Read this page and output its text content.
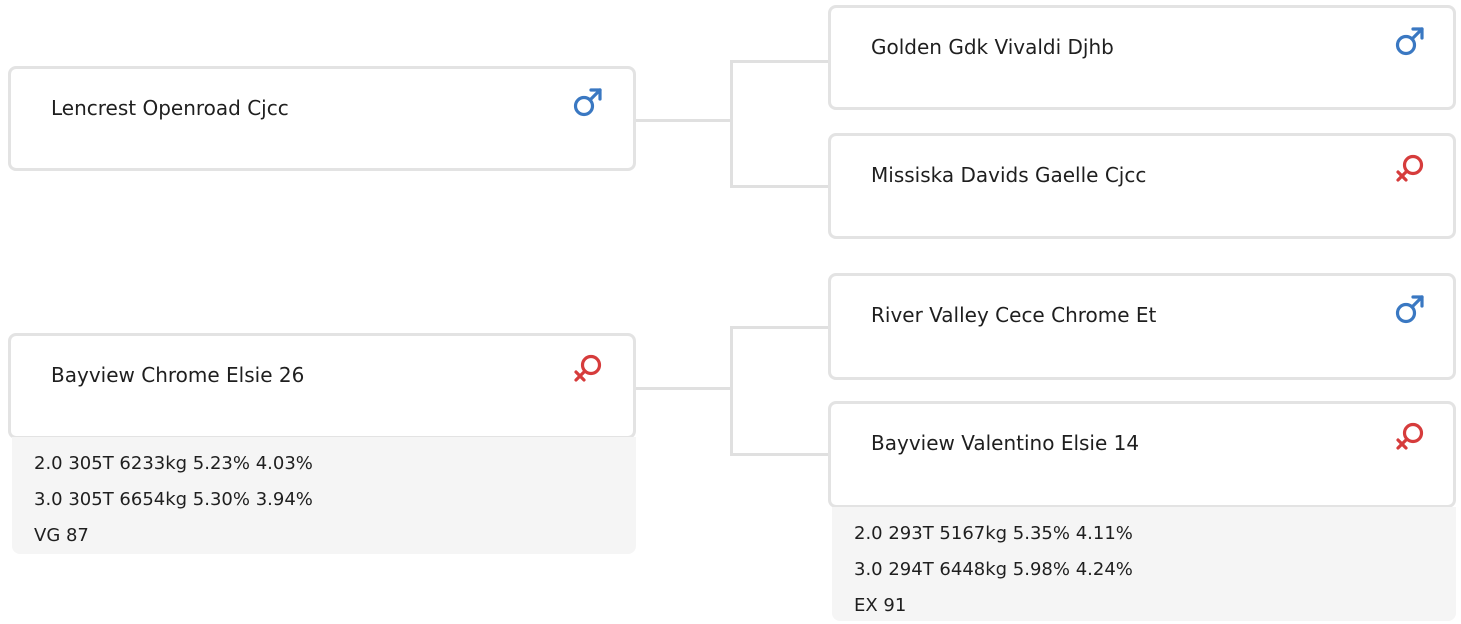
Lencrest Openroad Cjcc
Golden Gdk Vivaldi Djhb
Missiska Davids Gaelle Cjcc
Bayview Chrome Elsie 26
2.0 305T 6233kg 5.23% 4.03%
3.0 305T 6654kg 5.30% 3.94%
VG 87
River Valley Cece Chrome Et
Bayview Valentino Elsie 14
2.0 293T 5167kg 5.35% 4.11%
3.0 294T 6448kg 5.98% 4.24%
EX 91
